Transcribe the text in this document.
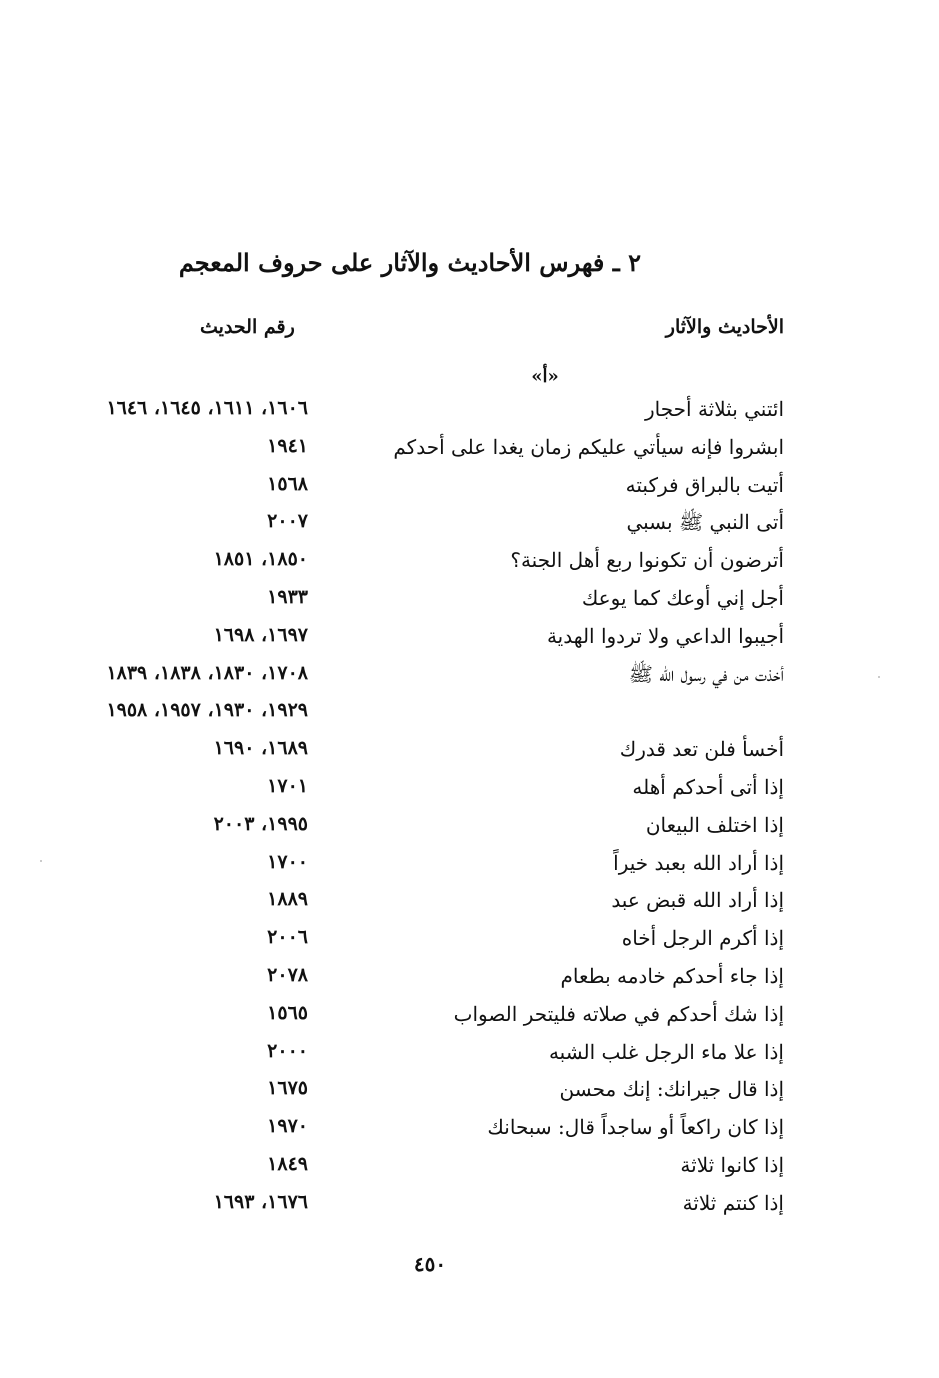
٢ ـ فهرس الأحاديث والآثار على حروف المعجم
الأحاديث والآثار
رقم الحديث
«أ»
ائتني بثلاثة أحجار
١٦٠٦، ١٦١١، ١٦٤٥، ١٦٤٦
ابشروا فإنه سيأتي عليكم زمان يغدا على أحدكم
١٩٤١
أتيت بالبراق فركبته
١٥٦٨
أتى النبي ﷺ بسبي
٢٠٠٧
أترضون أن تكونوا ربع أهل الجنة؟
١٨٥٠، ١٨٥١
أجل إني أوعك كما يوعك
١٩٣٣
أجيبوا الداعي ولا تردوا الهدية
١٦٩٧، ١٦٩٨
أخذت من في رسول الله ﷺ
١٧٠٨، ١٨٣٠، ١٨٣٨، ١٨٣٩
١٩٢٩، ١٩٣٠، ١٩٥٧، ١٩٥٨
أخسأ فلن تعد قدرك
١٦٨٩، ١٦٩٠
إذا أتى أحدكم أهله
١٧٠١
إذا اختلف البيعان
١٩٩٥، ٢٠٠٣
إذا أراد الله بعبد خيراً
١٧٠٠
إذا أراد الله قبض عبد
١٨٨٩
إذا أكرم الرجل أخاه
٢٠٠٦
إذا جاء أحدكم خادمه بطعام
٢٠٧٨
إذا شك أحدكم في صلاته فليتحر الصواب
١٥٦٥
إذا علا ماء الرجل غلب الشبه
٢٠٠٠
إذا قال جيرانك: إنك محسن
١٦٧٥
إذا كان راكعاً أو ساجداً قال: سبحانك
١٩٧٠
إذا كانوا ثلاثة
١٨٤٩
إذا كنتم ثلاثة
١٦٧٦، ١٦٩٣
٤٥٠
